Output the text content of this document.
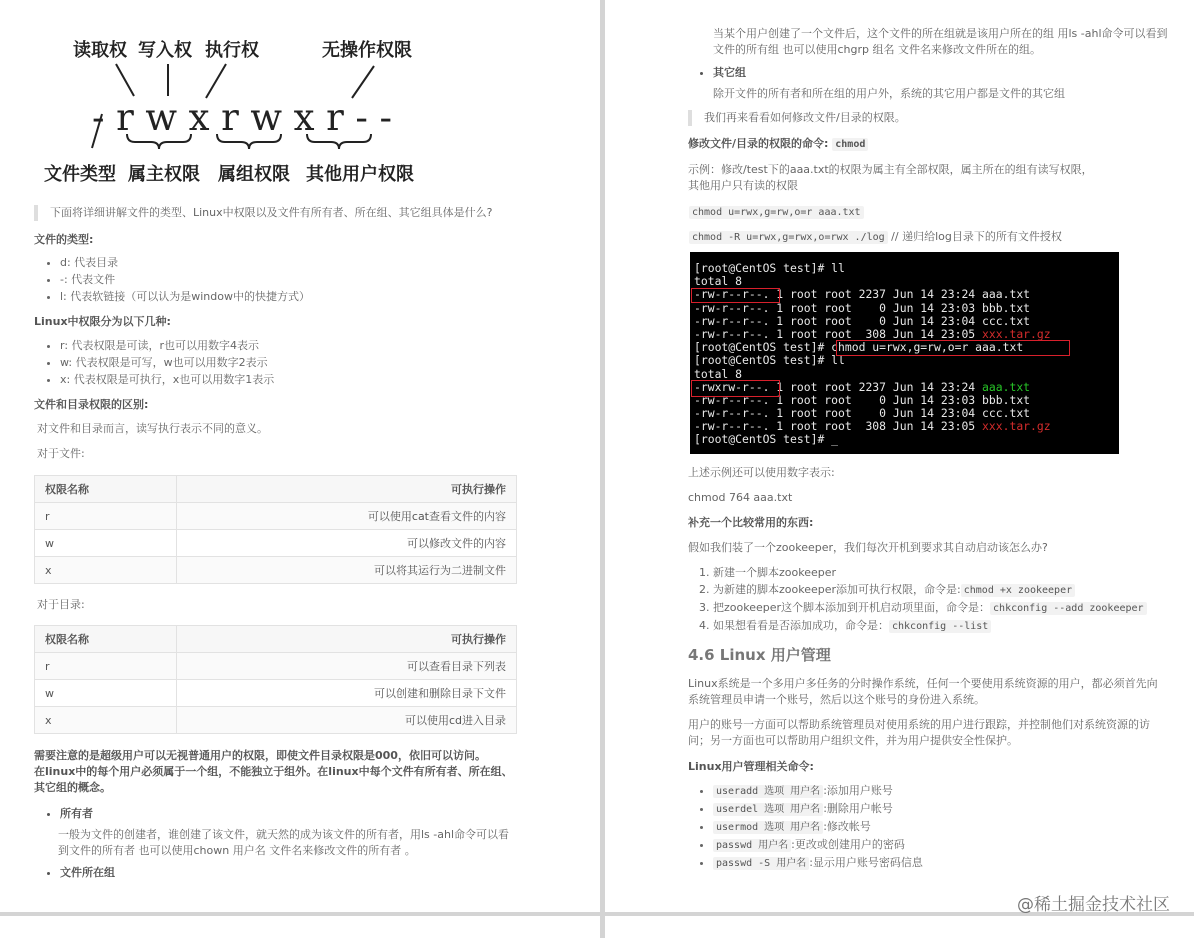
读取权 写入权 执行权	无操作权限
-rwxrwxr--
文件类型 属主权限 属组权限 其他用户权限

下面将详细讲解文件的类型、Linux中权限以及文件有所有者、所在组、其它组具体是什么?

文件的类型:

• d: 代表目录
• -: 代表文件
• l: 代表软链接（可以认为是window中的快捷方式）

Linux中权限分为以下几种:

• r: 代表权限是可读，r也可以用数字4表示
• w: 代表权限是可写，w也可以用数字2表示
• x: 代表权限是可执行，x也可以用数字1表示

文件和目录权限的区别:

对文件和目录而言，读写执行表示不同的意义。

对于文件:

权限名称	可执行操作
r	可以使用cat查看文件的内容
w	可以修改文件的内容
x	可以将其运行为二进制文件

对于目录:

权限名称	可执行操作
r	可以查看目录下列表
w	可以创建和删除目录下文件
x	可以使用cd进入目录

需要注意的是超级用户可以无视普通用户的权限，即使文件目录权限是000，依旧可以访问。

在linux中的每个用户必须属于一个组，不能独立于组外。在linux中每个文件有所有者、所在组、其它组的概念。

• 所有者

一般为文件的创建者，谁创建了该文件，就天然的成为该文件的所有者，用ls -ahl命令可以看到文件的所有者 也可以使用chown 用户名 文件名来修改文件的所有者 。

• 文件所在组

当某个用户创建了一个文件后，这个文件的所在组就是该用户所在的组 用ls -ahl命令可以看到文件的所有组 也可以使用chgrp 组名 文件名来修改文件所在的组。

• 其它组

除开文件的所有者和所在组的用户外，系统的其它用户都是文件的其它组

我们再来看看如何修改文件/目录的权限。

修改文件/目录的权限的命令: chmod

示例：修改/test下的aaa.txt的权限为属主有全部权限，属主所在的组有读写权限，

其他用户只有读的权限

chmod u=rwx,g=rw,o=r aaa.txt

chmod -R u=rwx,g=rwx,o=rwx ./log // 递归给log目录下的所有文件授权

[root@CentOS test]# ll
total 8
-rw-r--r--. 1 root root 2237 Jun 14 23:24 aaa.txt
-rw-r--r--. 1 root root    0 Jun 14 23:03 bbb.txt
-rw-r--r--. 1 root root    0 Jun 14 23:04 ccc.txt
-rw-r--r--. 1 root root  308 Jun 14 23:05 xxx.tar.gz
[root@CentOS test]# chmod u=rwx,g=rw,o=r aaa.txt
[root@CentOS test]# ll
total 8
-rwxrw-r--. 1 root root 2237 Jun 14 23:24 aaa.txt
-rw-r--r--. 1 root root    0 Jun 14 23:03 bbb.txt
-rw-r--r--. 1 root root    0 Jun 14 23:04 ccc.txt
-rw-r--r--. 1 root root  308 Jun 14 23:05 xxx.tar.gz
[root@CentOS test]# _

上述示例还可以使用数字表示:

chmod 764 aaa.txt

补充一个比较常用的东西:

假如我们装了一个zookeeper，我们每次开机到要求其自动启动该怎么办?

1. 新建一个脚本zookeeper
2. 为新建的脚本zookeeper添加可执行权限，命令是: chmod +x zookeeper
3. 把zookeeper这个脚本添加到开机启动项里面，命令是： chkconfig --add zookeeper
4. 如果想看看是否添加成功，命令是： chkconfig --list
4.6 Linux 用户管理

Linux系统是一个多用户多任务的分时操作系统，任何一个要使用系统资源的用户，都必须首先向系统管理员申请一个账号，然后以这个账号的身份进入系统。

用户的账号一方面可以帮助系统管理员对使用系统的用户进行跟踪，并控制他们对系统资源的访问；另一方面也可以帮助用户组织文件，并为用户提供安全性保护。

Linux用户管理相关命令:

• useradd 选项 用户名 :添加用户账号
• userdel 选项 用户名 :删除用户帐号
• usermod 选项 用户名 :修改帐号
• passwd 用户名 :更改或创建用户的密码
• passwd -S 用户名 :显示用户账号密码信息
@稀土掘金技术社区
